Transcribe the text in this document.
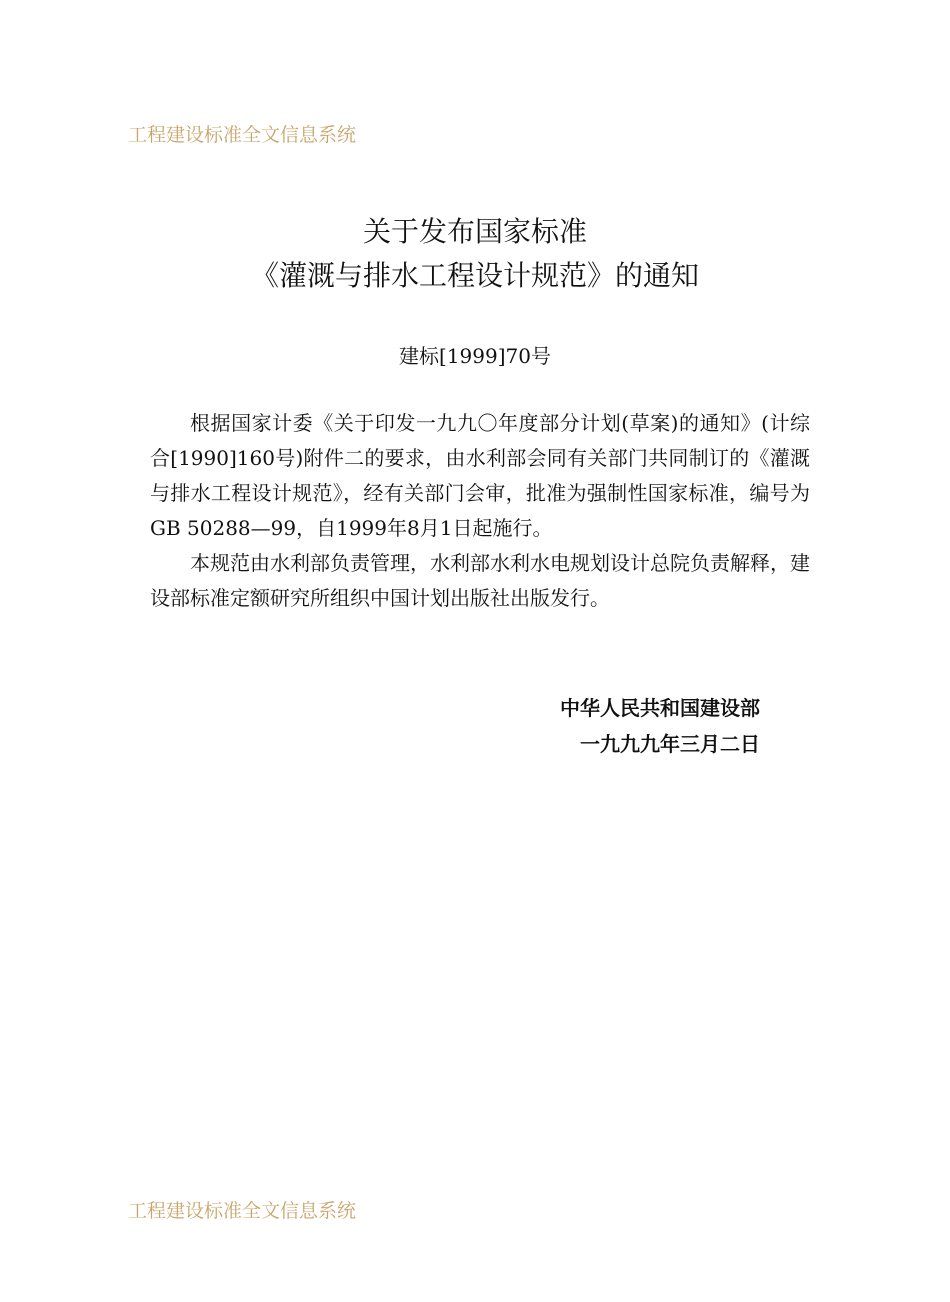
工程建设标准全文信息系统
关于发布国家标准
《灌溉与排水工程设计规范》的通知
建标[1999]70号

根据国家计委《关于印发一九九〇年度部分计划(草案)的通知》(计综合[1990]160号)附件二的要求，由水利部会同有关部门共同制订的《灌溉与排水工程设计规范》，经有关部门会审，批准为强制性国家标准，编号为GB 50288—99，自1999年8月1日起施行。

本规范由水利部负责管理，水利部水利水电规划设计总院负责解释，建设部标准定额研究所组织中国计划出版社出版发行。

中华人民共和国建设部
一九九九年三月二日
工程建设标准全文信息系统
